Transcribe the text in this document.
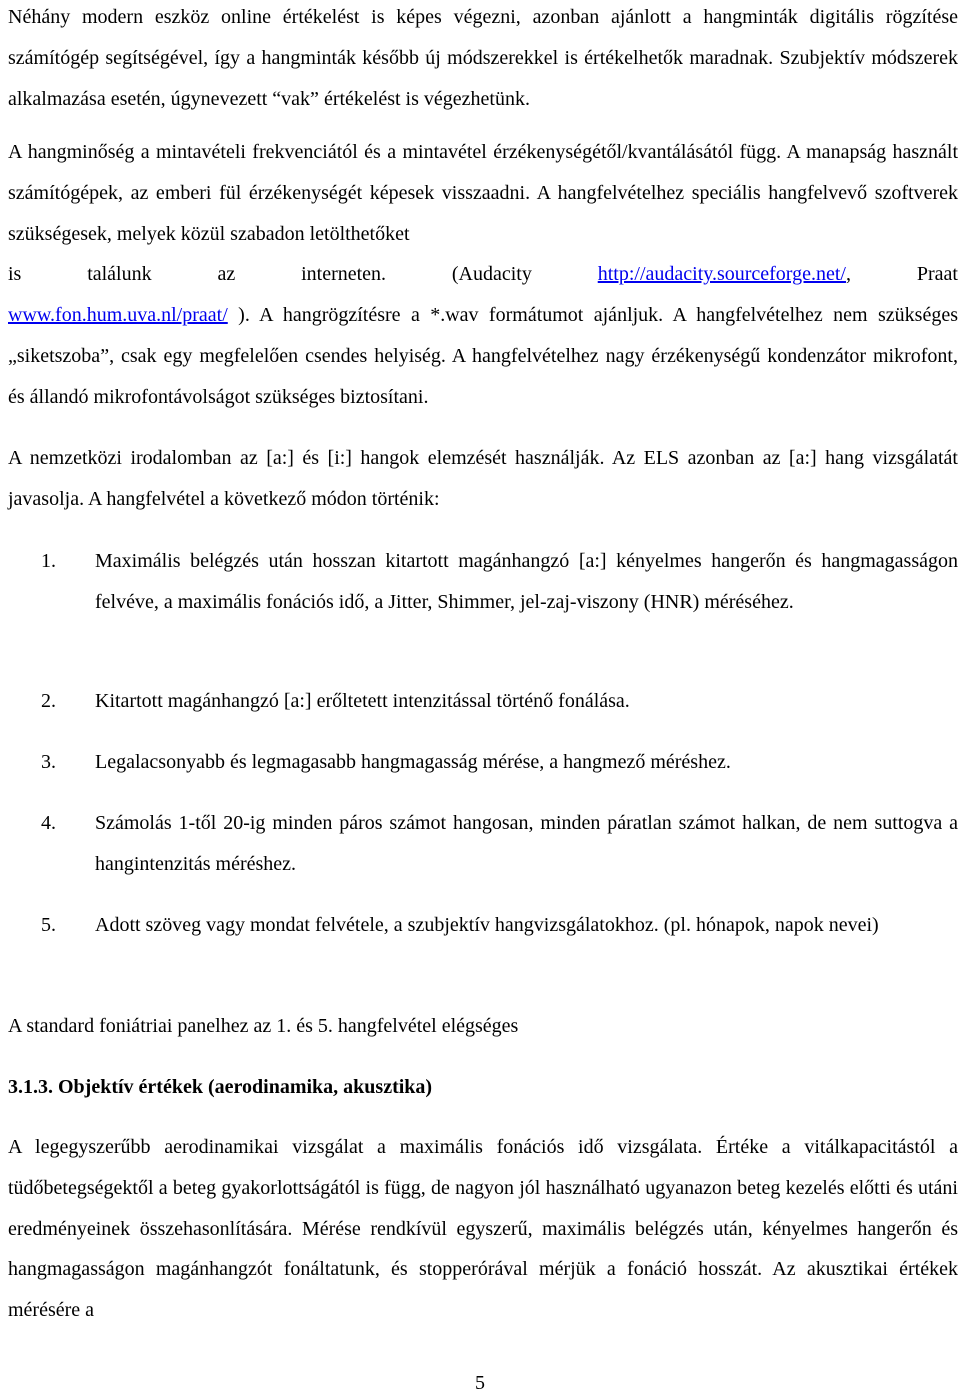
Néhány modern eszköz online értékelést is képes végezni, azonban ajánlott a hangminták digitális rögzítése számítógép segítségével, így a hangminták később új módszerekkel is értékelhetők maradnak. Szubjektív módszerek alkalmazása esetén, úgynevezett “vak” értékelést is végezhetünk.

A hangminőség a mintavételi frekvenciától és a mintavétel érzékenységétől/kvantálásától függ. A manapság használt számítógépek, az emberi fül érzékenységét képesek visszaadni. A hangfelvételhez speciális hangfelvevő szoftverek szükségesek, melyek közül szabadon letölthetőket

is	találunk	az	interneten.	(Audacity	http://audacity.sourceforge.net/,	Praat

www.fon.hum.uva.nl/praat/ ). A hangrögzítésre a *.wav formátumot ajánljuk. A hangfelvételhez nem szükséges „siketszoba”, csak egy megfelelően csendes helyiség. A hangfelvételhez nagy érzékenységű kondenzátor mikrofont, és állandó mikrofontávolságot szükséges biztosítani.

A nemzetközi irodalomban az [a:] és [i:] hangok elemzését használják. Az ELS azonban az [a:] hang vizsgálatát javasolja. A hangfelvétel a következő módon történik:

1. Maximális belégzés után hosszan kitartott magánhangzó [a:] kényelmes hangerőn és hangmagasságon felvéve, a maximális fonációs idő, a Jitter, Shimmer, jel-zaj-viszony (HNR) méréséhez.

2. Kitartott magánhangzó [a:] erőltetett intenzitással történő fonálása.

3. Legalacsonyabb és legmagasabb hangmagasság mérése, a hangmező méréshez.

4. Számolás 1-től 20-ig minden páros számot hangosan, minden páratlan számot halkan, de nem suttogva a hangintenzitás méréshez.

5. Adott szöveg vagy mondat felvétele, a szubjektív hangvizsgálatokhoz. (pl. hónapok, napok nevei)

A standard foniátriai panelhez az 1. és 5. hangfelvétel elégséges
3.1.3. Objektív értékek (aerodinamika, akusztika)

A legegyszerűbb aerodinamikai vizsgálat a maximális fonációs idő vizsgálata. Értéke a vitálkapacitástól a tüdőbetegségektől a beteg gyakorlottságától is függ, de nagyon jól használható ugyanazon beteg kezelés előtti és utáni eredményeinek összehasonlítására. Mérése rendkívül egyszerű, maximális belégzés után, kényelmes hangerőn és hangmagasságon magánhangzót fonáltatunk, és stopperórával mérjük a fonáció hosszát. Az akusztikai értékek mérésére a

5
